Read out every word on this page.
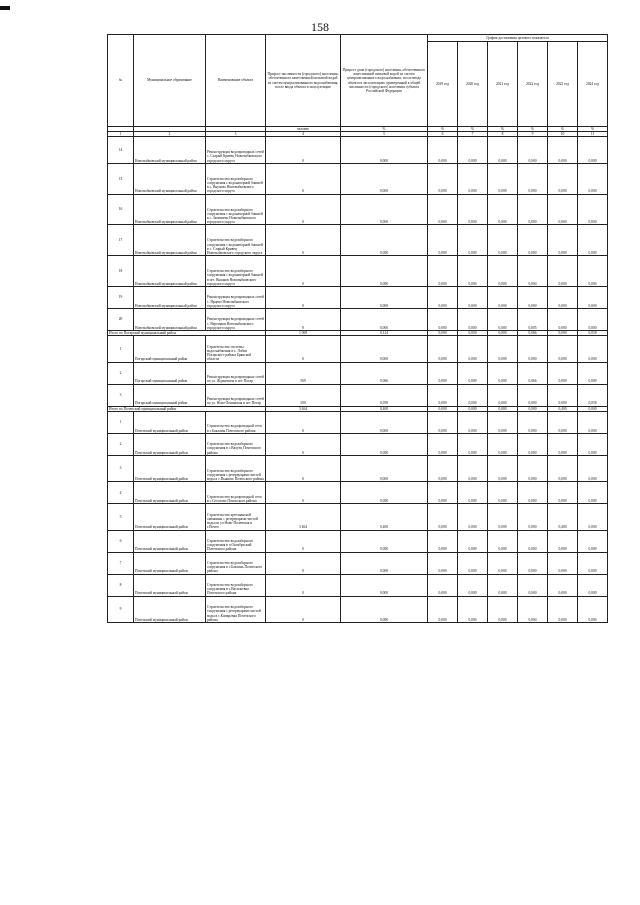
158
№	Муниципальное образование	Наименование объекта	Прирост численности (городского) населения, обеспеченного качественной питьевой водой из систем централизованного водоснабжения, после ввода объекта в эксплуатацию	Прирост доли (городского) населения, обеспеченного качественной питьевой водой из систем централизованного водоснабжения, после ввода объекта в эксплуатацию, приведенный к общей численности (городского) населения субъекта Российской Федерации	График достижения целевого показателя					
					2019 год	2020 год	2021 год	2022 год	2023 год	2024 год
			человек	%	%	%	%	%	%	%
1	2	3	4	5	6	7	8	9	10	11
14	Новозыбковский муниципальный район	Реконструкция водопроводных сетей с. Старый Кривец Новозыбковского городского округа	0	0,000	0,000	0,000	0,000	0,000	0,000	0,000
15	Новозыбковский муниципальный район	Строительство водозаборного сооружения с водонапорной башней в с. Внуково Новозыбковского городского округа	0	0,000	0,000	0,000	0,000	0,000	0,000	0,000
16	Новозыбковский муниципальный район	Строительство водозаборного сооружения с водонапорной башней в с. Замишево Новозыбковского городского округа	0	0,000	0,000	0,000	0,000	0,000	0,000	0,000
17	Новозыбковский муниципальный район	Строительство водозаборного сооружения с водонапорной башней в с. Старый Кривец Новозыбковского городского округа	0	0,000	0,000	0,000	0,000	0,000	0,000	0,000
18	Новозыбковский муниципальный район	Строительство водозаборного сооружения с водонапорной башней в пгт. Вышков Новозыбковского городского округа	0	0,000	0,000	0,000	0,000	0,000	0,000	0,000
19	Новозыбковский муниципальный район	Реконструкция водопроводных сетей с. Ярцево Новозыбковского городского округа	0	0,000	0,000	0,000	0,000	0,000	0,000	0,000
20	Новозыбковский муниципальный район	Реконструкция водопроводных сетей с. Верещаки Новозыбковского городского округа	8	0,000	0,000	0,000	0,000	0,005	0,000	0,000
Итого по Погарский муниципальный район			1 069	0,124	0,000	0,000	0,000	0,066	0,000	0,058
1	Погарский муниципальный район	Строительство системы водоснабжения в с. Лобки Погарского района Брянской области	0	0,000	0,000	0,000	0,000	0,000	0,000	0,000
2	Погарский муниципальный район	Реконструкция водопроводных сетей по ул. Ждановича в пгт Погар	569	0,066	0,000	0,000	0,000	0,066	0,000	0,000
3	Погарский муниципальный район	Реконструкция водопроводных сетей по ул. Ново-Ленинская в пгт Погар	500	0,058	0,000	0,000	0,000	0,000	0,000	0,058
Итого по Почепский муниципальный район			3 464	0,400	0,000	0,000	0,000	0,000	0,400	0,000
1	Почепский муниципальный район	Строительство водопроводной сети в с.Бакланы Почепского района	0	0,000	0,000	0,000	0,000	0,000	0,000	0,000
2	Почепский муниципальный район	Строительство водозаборного сооружения в с.Валуец Почепского района	0	0,000	0,000	0,000	0,000	0,000	0,000	0,000
3	Почепский муниципальный район	Строительство водозаборного сооружения с резервуарами чистой воды в с.Пьяново Почепского района	0	0,000	0,000	0,000	0,000	0,000	0,000	0,000
4	Почепский муниципальный район	Строительство водопроводной сети в с.Сетолово Почепского района	0	0,000	0,000	0,000	0,000	0,000	0,000	0,000
5	Почепский муниципальный район	Строительство артезианской скважины с резервуарами чистой воды по ул.Ново-Полевская в г.Почеп	3 464	0,400	0,000	0,000	0,000	0,000	0,400	0,000
6	Почепский муниципальный район	Строительство водозаборного сооружения в п.Октябрьский Почепского района	0	0,000	0,000	0,000	0,000	0,000	0,000	0,000
7	Почепский муниципальный район	Строительство водозаборного сооружения в с.Баклань Почепского района	0	0,000	0,000	0,000	0,000	0,000	0,000	0,000
8	Почепский муниципальный район	Строительство водозаборного сооружения в с.Васильевка Почепского района	0	0,000	0,000	0,000	0,000	0,000	0,000	0,000
9	Почепский муниципальный район	Строительство водозаборного сооружения с резервуарами чистой воды в с.Комаровка Почепского района	0	0,000	0,000	0,000	0,000	0,000	0,000	0,000
